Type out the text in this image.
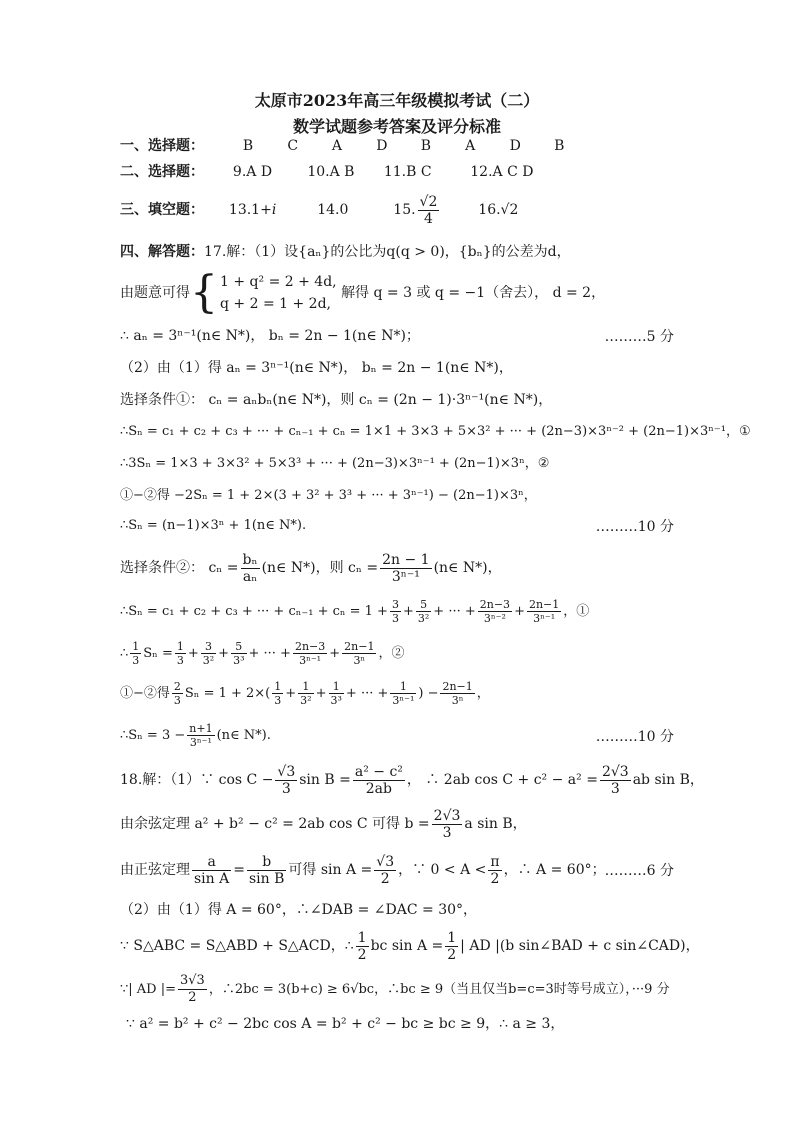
太原市2023年高三年级模拟考试（二）
数学试题参考答案及评分标准
一、选择题：	B C A D B A D B
二、选择题： 9.A D	10.A B 11.B C	12.A C D
三、填空题： 13.1+i	14.0	15. $\frac{√2}{4}$	16.√2
四、解答题：17.解：（1）设{aₙ}的公比为q(q > 0)，{bₙ}的公差为d，
由题意可得{ 1 + q² = 2 + 4d,
q + 2 = 1 + 2d,
解得 q = 3 或 q = −1（舍去）， d = 2，
∴ aₙ = 3ⁿ⁻¹(n∈ N*)， bₙ = 2n − 1(n∈ N*)；	………5 分
（2）由（1）得 aₙ = 3ⁿ⁻¹(n∈ N*)， bₙ = 2n − 1(n∈ N*)，
选择条件①： cₙ = aₙbₙ(n∈ N*)，则 cₙ = (2n − 1)·3ⁿ⁻¹(n∈ N*)，
∴Sₙ = c₁ + c₂ + c₃ + ··· + cₙ₋₁ + cₙ = 1×1 + 3×3 + 5×3² + ··· + (2n−3)×3ⁿ⁻² + (2n−1)×3ⁿ⁻¹，①
∴3Sₙ = 1×3 + 3×3² + 5×3³ + ··· + (2n−3)×3ⁿ⁻¹ + (2n−1)×3ⁿ，②
①−②得 −2Sₙ = 1 + 2×(3 + 3² + 3³ + ··· + 3ⁿ⁻¹) − (2n−1)×3ⁿ，
∴Sₙ = (n−1)×3ⁿ + 1(n∈ N*).	………10 分
选择条件②： $c_n = \frac{\text{bₙ}}{\text{aₙ}}$ (n∈ N*)，则 $c_n = \frac{2n - 1}{\text{3ⁿ⁻¹}}$ (n∈ N*)，
∴Sₙ = c₁ + c₂ + c₃ + ··· + $c_{n-1} + c_n = 1 + \frac{3}{3} + \frac{5}{\text{3²}}$ + ··· + $\frac{2n-3}{\text{3ⁿ⁻²}} + \frac{2n-1}{\text{3ⁿ⁻¹}}$ ，①
∴ $\frac{1}{3}$ $S_n = \frac{1}{3} + \frac{3}{\text{3²}} + \frac{5}{\text{3³}}$ + ··· + $\frac{2n-3}{\text{3ⁿ⁻¹}} + \frac{2n-1}{\text{3ⁿ}}$ ，②
①−②得 $\frac{2}{3}$ $S_n = 1 + 2\times( \frac{1}{3} + \frac{1}{\text{3²}} + \frac{1}{\text{3³}}$ + ··· + $\frac{1}{\text{3ⁿ⁻¹}}$ ) − $\frac{2n-1}{\text{3ⁿ}}$ ，
∴Sₙ = $3 - \frac{n+1}{\text{3ⁿ⁻¹}}$ (n∈ N*).	………10 分
18.解：（1）∵ $\cos C - \frac{√3}{3}$ $\sin B = \frac{\text{a² − c²}}{2ab}$ ， ∴ 2ab $\cos C + c^2 - a^2 = \frac{2√3}{3}$ ab sin B，
由余弦定理 a² + b² − c² = 2ab cos C 可得 $b = \frac{2√3}{3}$ a sin B，
由正弦定理 $\frac{a}{\text{sin A}} = \frac{b}{\text{sin B}}$ 可得 $\sin A = \frac{√3}{2}$ ，∵ $0 < A < \frac{\pi}{2}$ ，∴ A = 60°； ………6 分
（2）由（1）得 A = 60°，∴∠DAB = ∠DAC = 30°，
∵ S△ABC = S△ABD + S△ACD，∴ $\frac{1}{2}$ bc $\sin A = \frac{1}{2}$ | AD |(b sin∠BAD + c sin∠CAD)，
∵| AD |= $\frac{3√3}{2}$ ，∴2bc = 3(b+c) ≥ 6√bc，∴bc ≥ 9（当且仅当b=c=3时等号成立），···9 分
∵ a² = b² + c² − 2bc cos A = b² + c² − bc ≥ bc ≥ 9，∴ a ≥ 3，
